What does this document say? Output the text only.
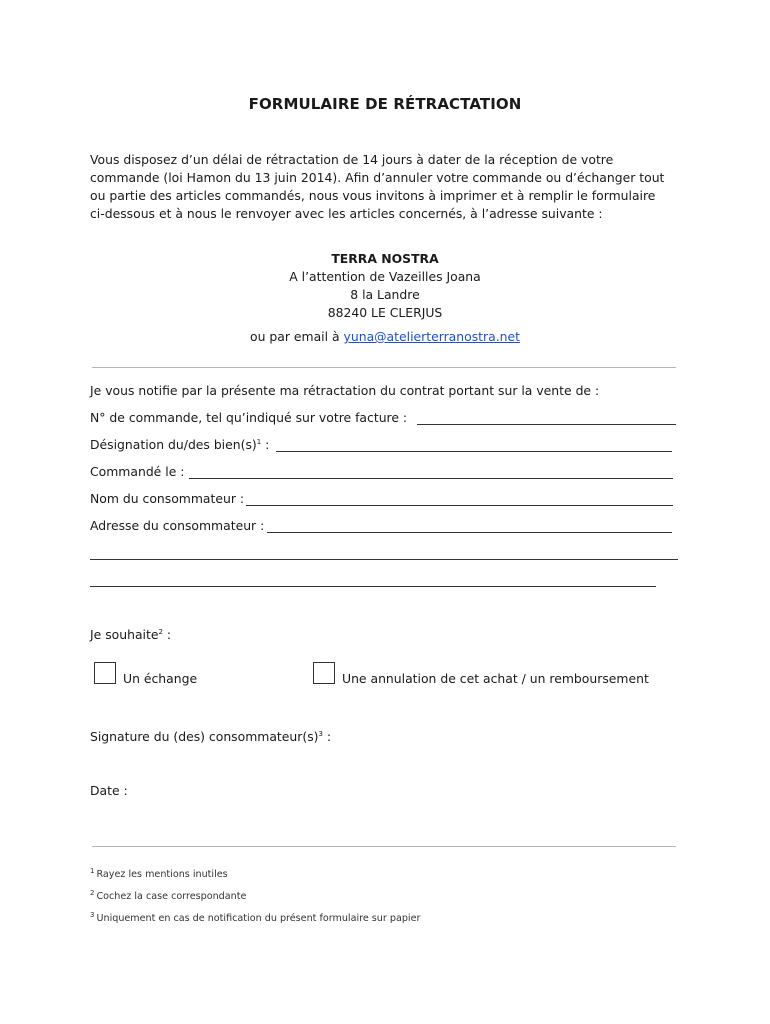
FORMULAIRE DE RÉTRACTATION
Vous disposez d’un délai de rétractation de 14 jours à dater de la réception de votre
commande (loi Hamon du 13 juin 2014). Afin d’annuler votre commande ou d’échanger tout
ou partie des articles commandés, nous vous invitons à imprimer et à remplir le formulaire
ci-dessous et à nous le renvoyer avec les articles concernés, à l’adresse suivante :
TERRA NOSTRA
A l’attention de Vazeilles Joana
8 la Landre
88240 LE CLERJUS
ou par email à yuna@atelierterranostra.net
Je vous notifie par la présente ma rétractation du contrat portant sur la vente de :
N° de commande, tel qu’indiqué sur votre facture :
Désignation du/des $bien(s)^1$ :
Commandé le :
Nom du consommateur :
Adresse du consommateur :
Je souhaite$^2$ :
Un échange	Une annulation de cet achat / un remboursement
Signature du (des) $consommateur(s)^3$ :
Date :
$^1$ Rayez les mentions inutiles
$^2$ Cochez la case correspondante
$^3$ Uniquement en cas de notification du présent formulaire sur papier
